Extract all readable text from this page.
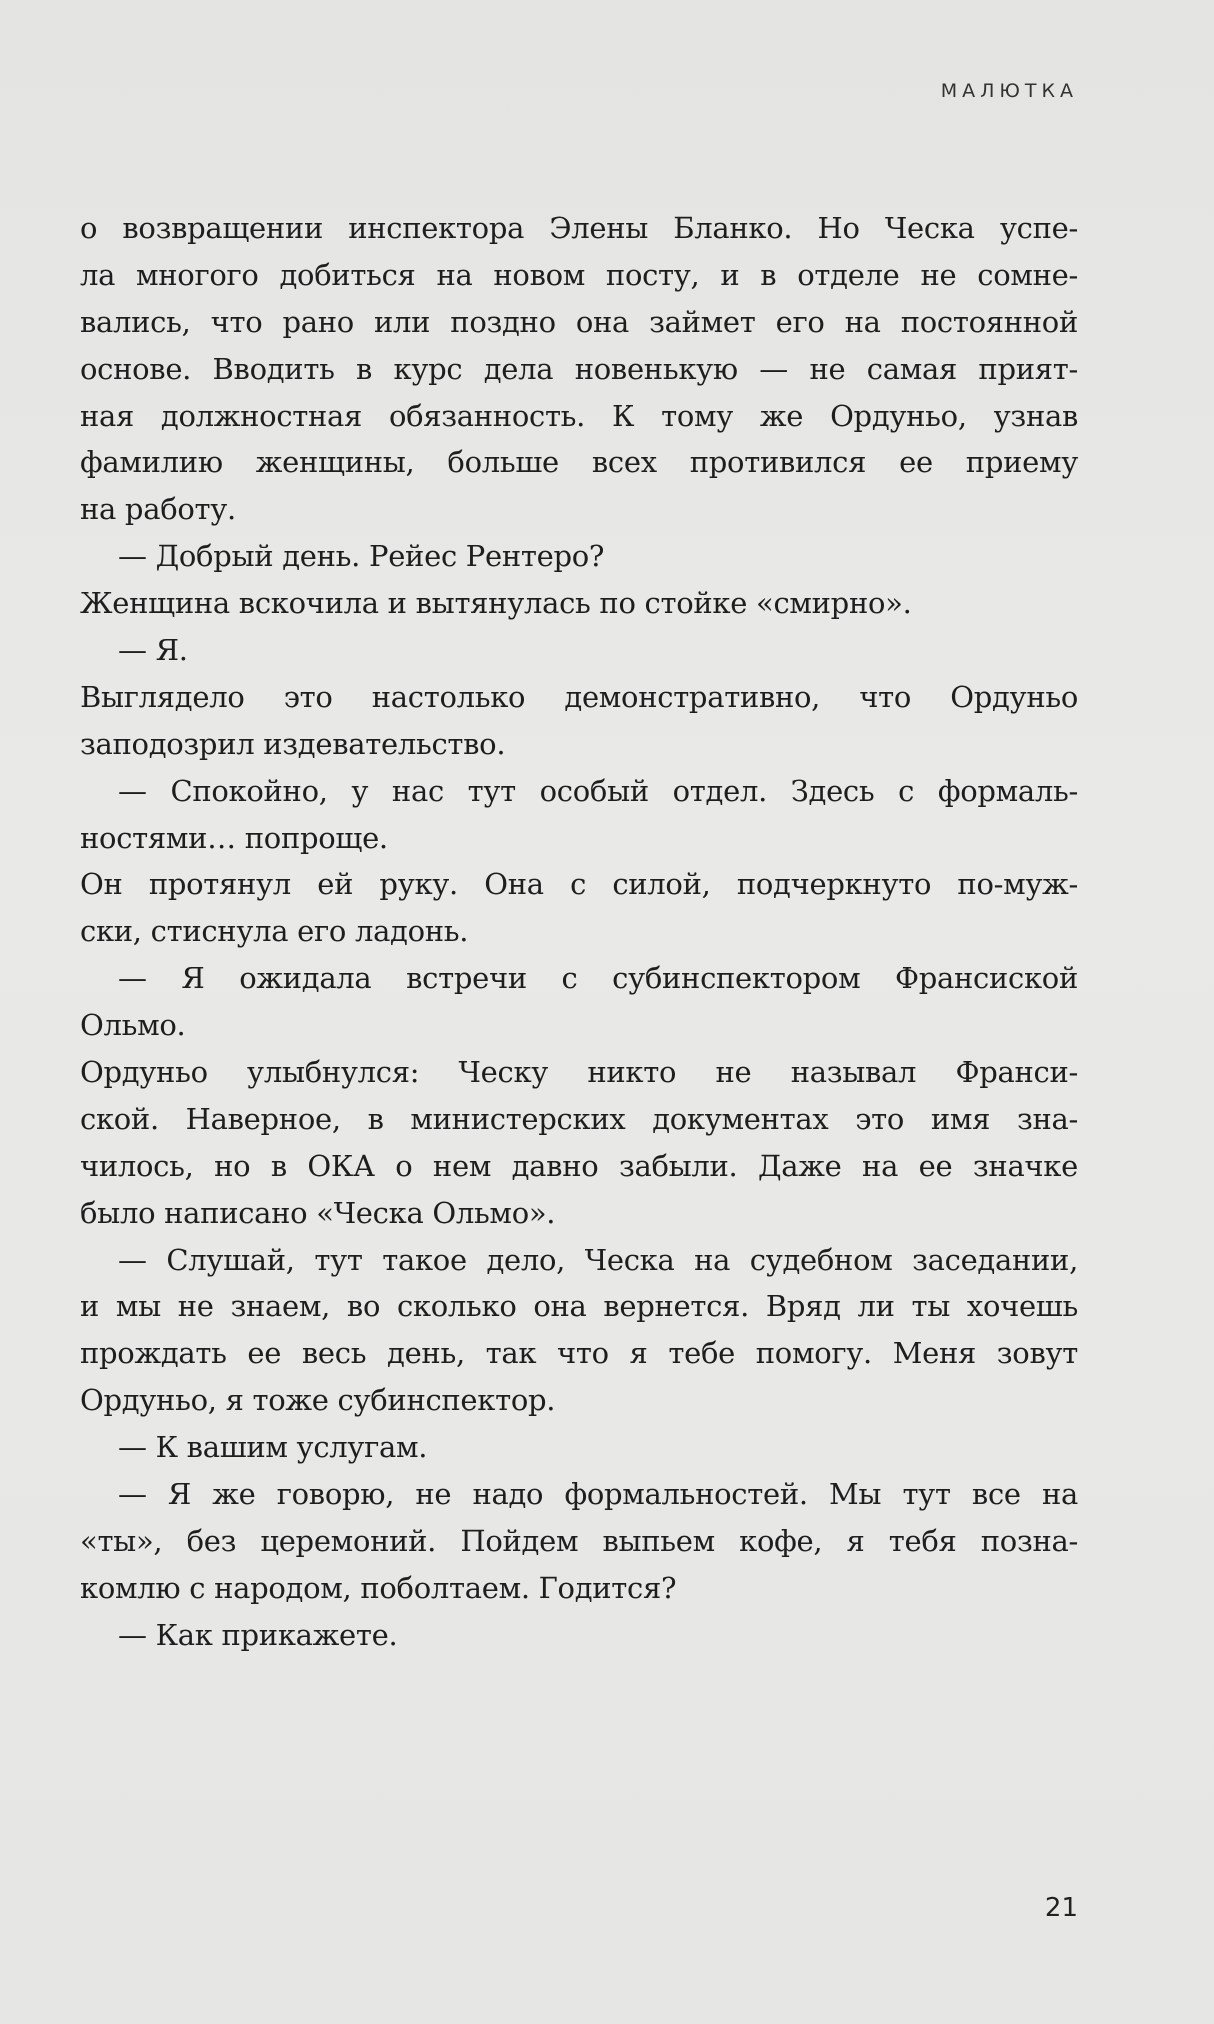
МАЛЮТКА
о возвращении инспектора Элены Бланко. Но Ческа успе-
ла многого добиться на новом посту, и в отделе не сомне-
вались, что рано или поздно она займет его на постоянной
основе. Вводить в курс дела новенькую — не самая прият-
ная должностная обязанность. К тому же Ордуньо, узнав
фамилию женщины, больше всех противился ее приему
на работу.
— Добрый день. Рейес Рентеро?
Женщина вскочила и вытянулась по стойке «смирно».
— Я.
Выглядело это настолько демонстративно, что Ордуньо
заподозрил издевательство.
— Спокойно, у нас тут особый отдел. Здесь с формаль-
ностями… попроще.
Он протянул ей руку. Она с силой, подчеркнуто по-муж-
ски, стиснула его ладонь.
— Я ожидала встречи с субинспектором Франсиской
Ольмо.
Ордуньо улыбнулся: Ческу никто не называл Франси-
ской. Наверное, в министерских документах это имя зна-
чилось, но в ОКА о нем давно забыли. Даже на ее значке
было написано «Ческа Ольмо».
— Слушай, тут такое дело, Ческа на судебном заседании,
и мы не знаем, во сколько она вернется. Вряд ли ты хочешь
прождать ее весь день, так что я тебе помогу. Меня зовут
Ордуньо, я тоже субинспектор.
— К вашим услугам.
— Я же говорю, не надо формальностей. Мы тут все на
«ты», без церемоний. Пойдем выпьем кофе, я тебя позна-
комлю с народом, поболтаем. Годится?
— Как прикажете.
21
